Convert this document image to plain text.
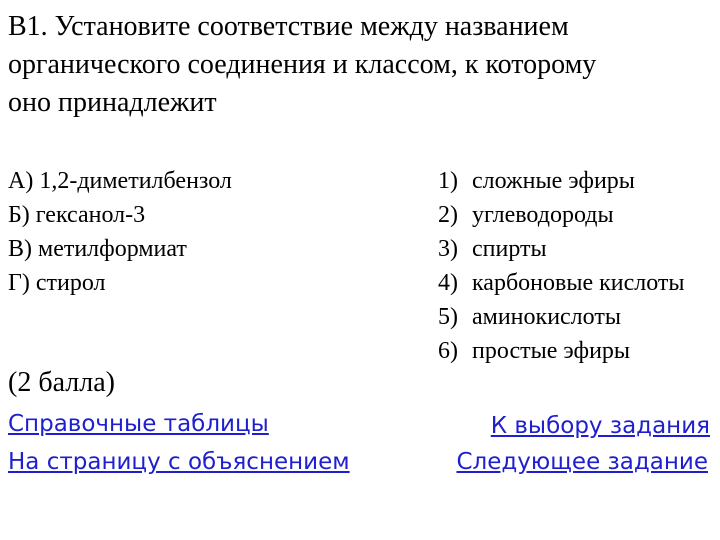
В1. Установите соответствие между названием
органического соединения и классом, к которому
оно принадлежит
А) 1,2-диметилбензол
Б) гексанол-3
В) метилформиат
Г) стирол
1) сложные эфиры
2) углеводороды
3) спирты
4) карбоновые кислоты
5) аминокислоты
6) простые эфиры
(2 балла)
Справочные таблицы
На страницу с объяснением
К выбору задания
Следующее задание
